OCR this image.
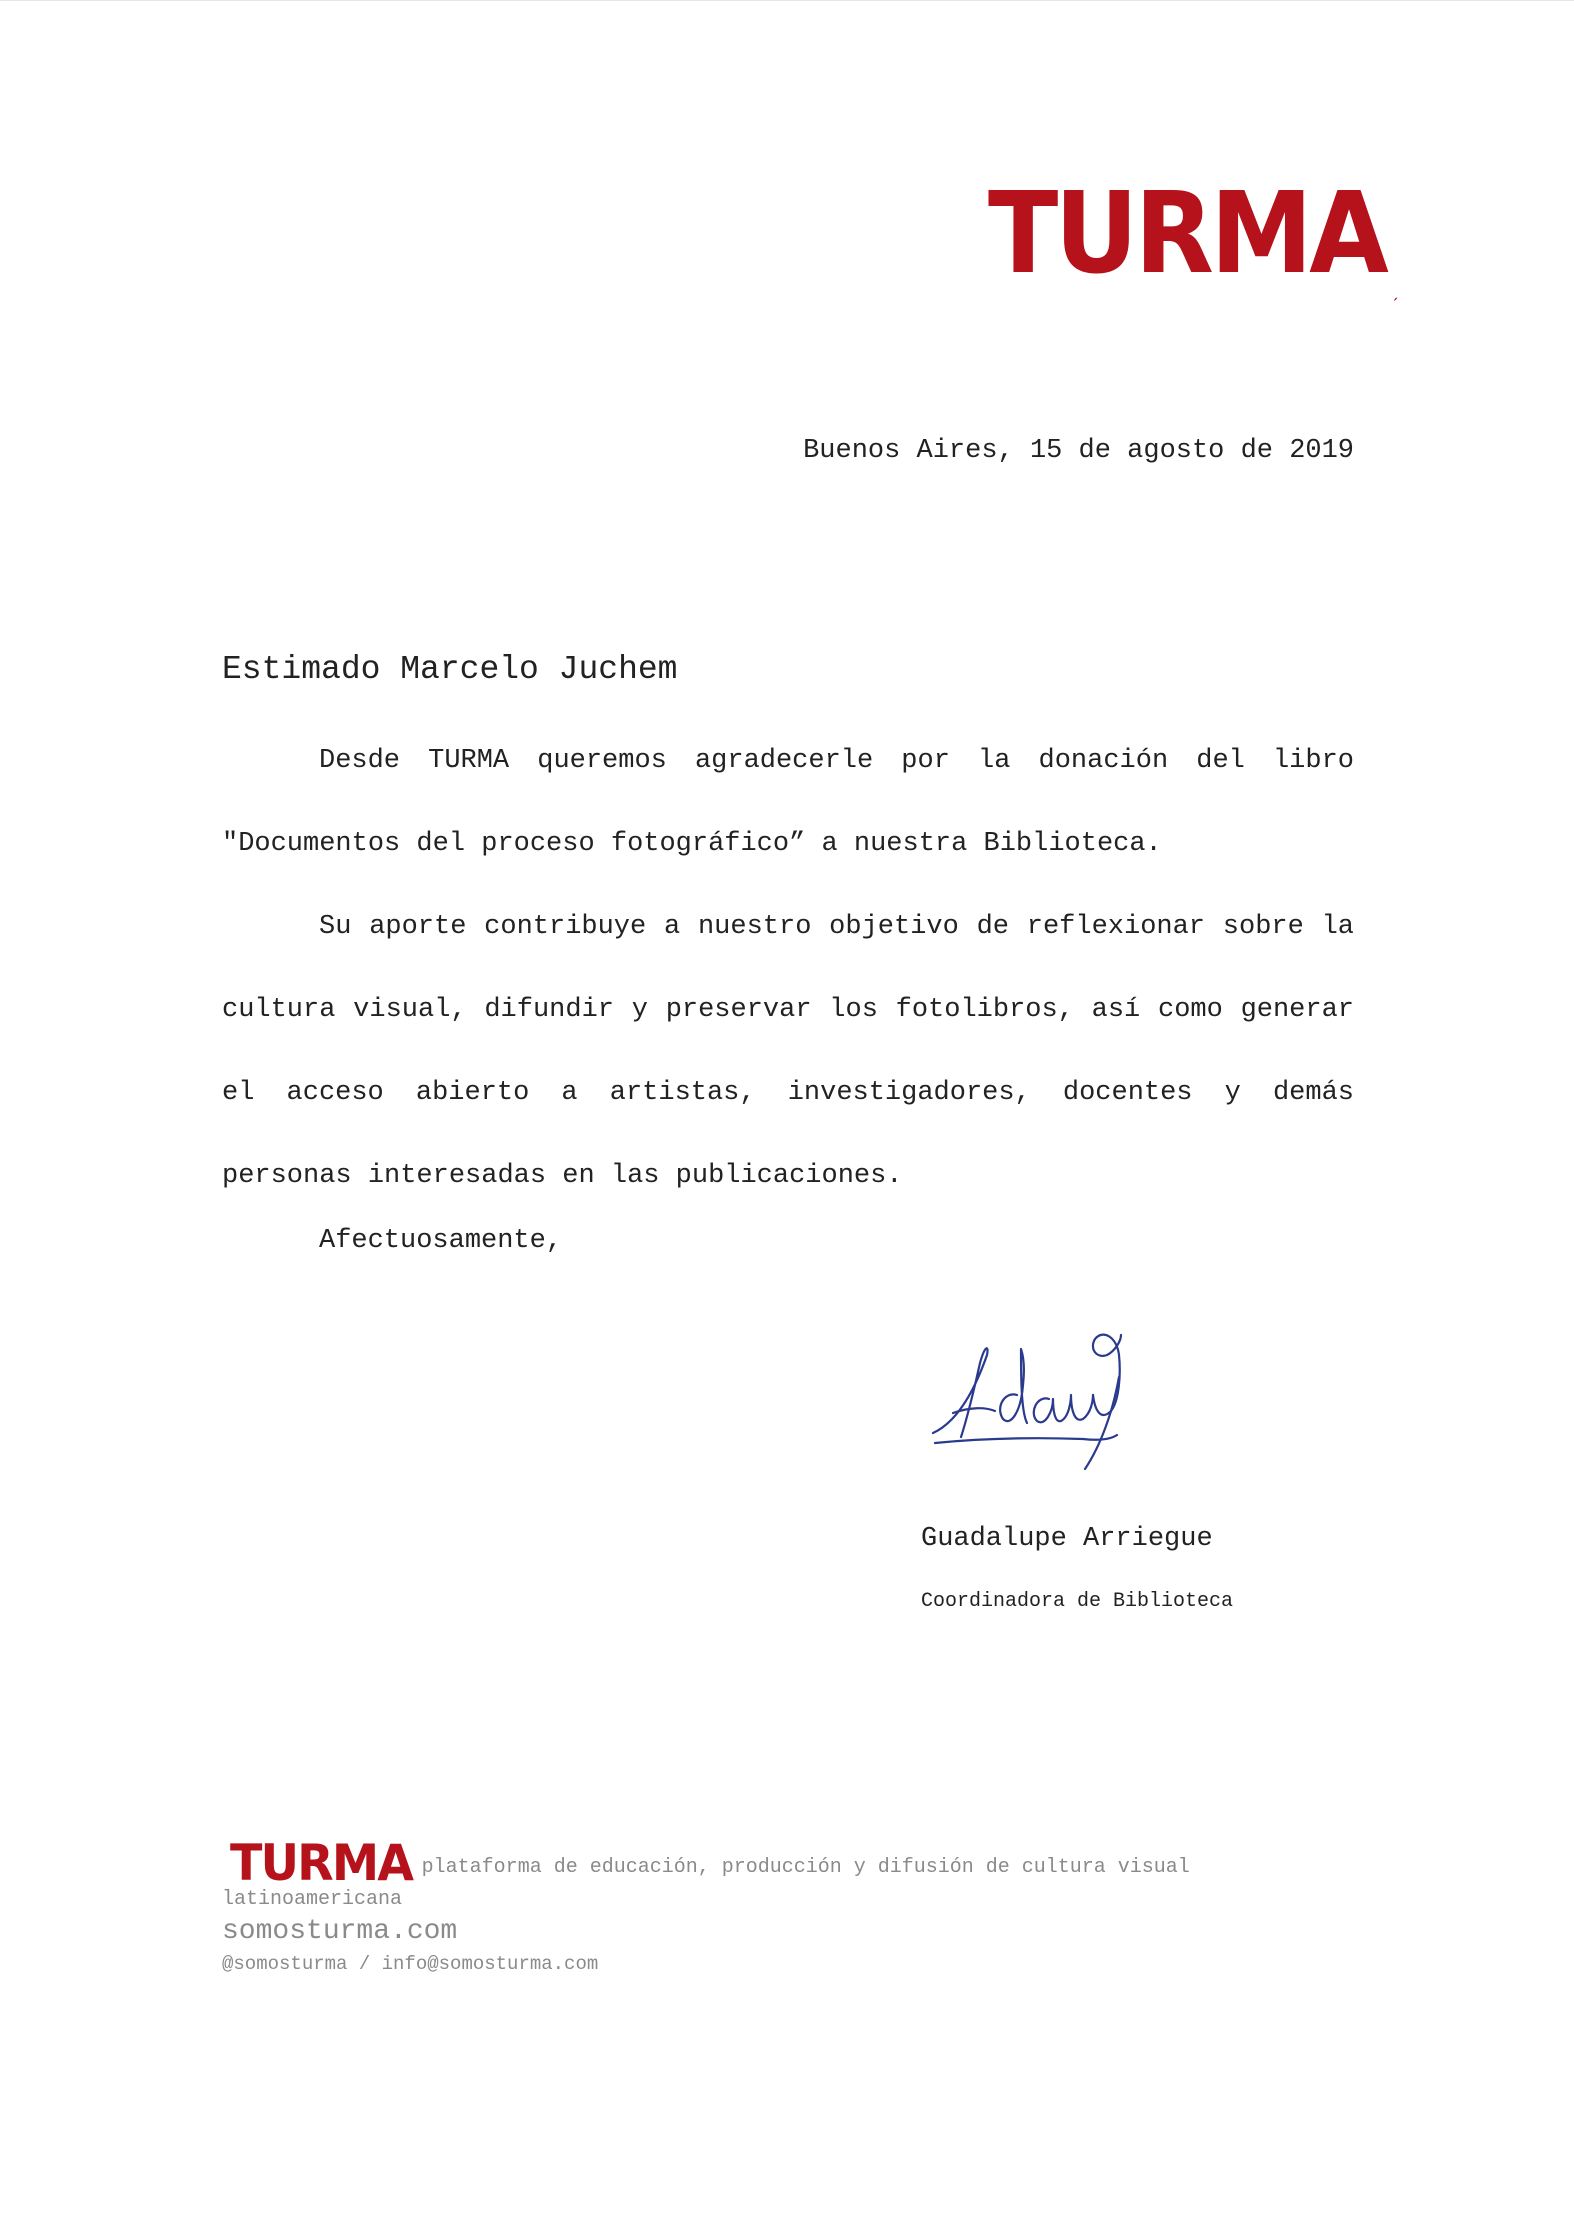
TURMA ˏ
Buenos Aires, 15 de agosto de 2019
Estimado Marcelo Juchem

Desde TURMA queremos agradecerle por la donación del libro "Documentos del proceso fotográfico” a nuestra Biblioteca.

Su aporte contribuye a nuestro objetivo de reflexionar sobre la cultura visual, difundir y preservar los fotolibros, así como generar el acceso abierto a artistas, investigadores, docentes y demás personas interesadas en las publicaciones.

Afectuosamente,
Guadalupe Arriegue
Coordinadora de Biblioteca
TURMA plataforma de educación, producción y difusión de cultura visual latinoamericana
somosturma.com
@somosturma / info@somosturma.com
